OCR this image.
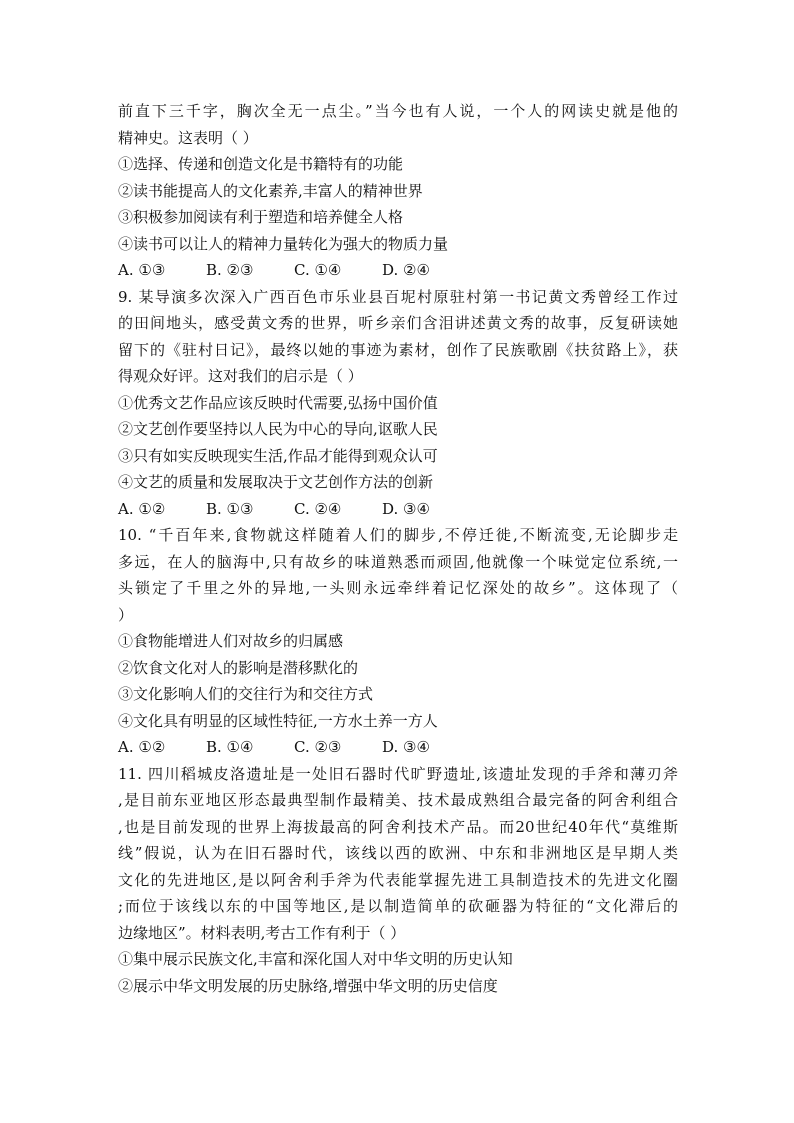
前直下三千字，胸次全无一点尘。”当今也有人说，一个人的网读史就是他的
精神史。这表明（ ）
①选择、传递和创造文化是书籍特有的功能
②读书能提高人的文化素养,丰富人的精神世界
③积极参加阅读有利于塑造和培养健全人格
④读书可以让人的精神力量转化为强大的物质力量
A. ①③	B. ②③	C. ①④	D. ②④
9. 某导演多次深入广西百色市乐业县百坭村原驻村第一书记黄文秀曾经工作过
的田间地头，感受黄文秀的世界，听乡亲们含泪讲述黄文秀的故事，反复研读她
留下的《驻村日记》，最终以她的事迹为素材，创作了民族歌剧《扶贫路上》，获
得观众好评。这对我们的启示是（ ）
①优秀文艺作品应该反映时代需要,弘扬中国价值
②文艺创作要坚持以人民为中心的导向,讴歌人民
③只有如实反映现实生活,作品才能得到观众认可
④文艺的质量和发展取决于文艺创作方法的创新
A. ①②	B. ①③	C. ②④	D. ③④
10. “千百年来,食物就这样随着人们的脚步,不停迁徙,不断流变,无论脚步走
多远，在人的脑海中,只有故乡的味道熟悉而顽固,他就像一个味觉定位系统,一
头锁定了千里之外的异地,一头则永远牵绊着记忆深处的故乡”。这体现了（
）
①食物能增进人们对故乡的归属感
②饮食文化对人的影响是潜移默化的
③文化影响人们的交往行为和交往方式
④文化具有明显的区域性特征,一方水土养一方人
A. ①②	B. ①④	C. ②③	D. ③④
11. 四川稻城皮洛遗址是一处旧石器时代旷野遗址,该遗址发现的手斧和薄刃斧
,是目前东亚地区形态最典型制作最精美、技术最成熟组合最完备的阿舍利组合
,也是目前发现的世界上海拔最高的阿舍利技术产品。而20世纪40年代“莫维斯
线”假说，认为在旧石器时代，该线以西的欧洲、中东和非洲地区是早期人类
文化的先进地区,是以阿舍利手斧为代表能掌握先进工具制造技术的先进文化圈
;而位于该线以东的中国等地区,是以制造简单的砍砸器为特征的“文化滞后的
边缘地区”。材料表明,考古工作有利于（ ）
①集中展示民族文化,丰富和深化国人对中华文明的历史认知
②展示中华文明发展的历史脉络,增强中华文明的历史信度
